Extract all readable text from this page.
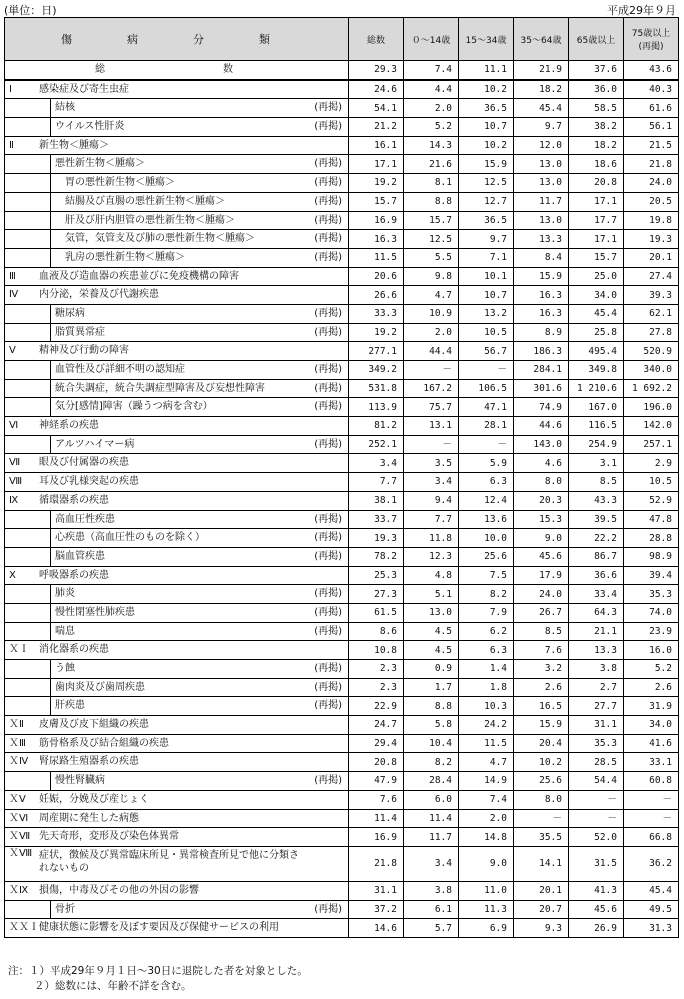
(単位：日)	平成29年９月
傷　病　分　類	総数	０～14歳	15～34歳	35～64歳	65歳以上	75歳以上
(再掲)

総　　　数	29.3	7.4	11.1	21.9	37.6	43.6

Ⅰ 感染症及び寄生虫症	24.6	4.4	10.2	18.2	36.0	40.3

結核 (再掲)	54.1	2.0	36.5	45.4	58.5	61.6

ウイルス性肝炎 (再掲)	21.2	5.2	10.7	9.7	38.2	56.1

Ⅱ 新生物＜腫瘍＞	16.1	14.3	10.2	12.0	18.2	21.5

悪性新生物＜腫瘍＞ (再掲)	17.1	21.6	15.9	13.0	18.6	21.8

　胃の悪性新生物＜腫瘍＞ (再掲)	19.2	8.1	12.5	13.0	20.8	24.0

　結腸及び直腸の悪性新生物＜腫瘍＞ (再掲)	15.7	8.8	12.7	11.7	17.1	20.5

　肝及び肝内胆管の悪性新生物＜腫瘍＞ (再掲)	16.9	15.7	36.5	13.0	17.7	19.8

　気管，気管支及び肺の悪性新生物＜腫瘍＞ (再掲)	16.3	12.5	9.7	13.3	17.1	19.3

　乳房の悪性新生物＜腫瘍＞ (再掲)	11.5	5.5	7.1	8.4	15.7	20.1

Ⅲ 血液及び造血器の疾患並びに免疫機構の障害	20.6	9.8	10.1	15.9	25.0	27.4

Ⅳ 内分泌，栄養及び代謝疾患	26.6	4.7	10.7	16.3	34.0	39.3

糖尿病 (再掲)	33.3	10.9	13.2	16.3	45.4	62.1

脂質異常症 (再掲)	19.2	2.0	10.5	8.9	25.8	27.8

Ⅴ 精神及び行動の障害	277.1	44.4	56.7	186.3	495.4	520.9

血管性及び詳細不明の認知症 (再掲)	349.2	－	－	284.1	349.8	340.0

統合失調症，統合失調症型障害及び妄想性障害 (再掲)	531.8	167.2	106.5	301.6	1 210.6	1 692.2

気分[感情]障害（躁うつ病を含む） (再掲)	113.9	75.7	47.1	74.9	167.0	196.0

Ⅵ 神経系の疾患	81.2	13.1	28.1	44.6	116.5	142.0

アルツハイマー病 (再掲)	252.1	－	－	143.0	254.9	257.1

Ⅶ 眼及び付属器の疾患	3.4	3.5	5.9	4.6	3.1	2.9

Ⅷ 耳及び乳様突起の疾患	7.7	3.4	6.3	8.0	8.5	10.5

Ⅸ 循環器系の疾患	38.1	9.4	12.4	20.3	43.3	52.9

高血圧性疾患 (再掲)	33.7	7.7	13.6	15.3	39.5	47.8

心疾患（高血圧性のものを除く） (再掲)	19.3	11.8	10.0	9.0	22.2	28.8

脳血管疾患 (再掲)	78.2	12.3	25.6	45.6	86.7	98.9

Ⅹ 呼吸器系の疾患	25.3	4.8	7.5	17.9	36.6	39.4

肺炎 (再掲)	27.3	5.1	8.2	24.0	33.4	35.3

慢性閉塞性肺疾患 (再掲)	61.5	13.0	7.9	26.7	64.3	74.0

喘息 (再掲)	8.6	4.5	6.2	8.5	21.1	23.9

ＸＩ 消化器系の疾患	10.8	4.5	6.3	7.6	13.3	16.0

う蝕 (再掲)	2.3	0.9	1.4	3.2	3.8	5.2

歯肉炎及び歯周疾患 (再掲)	2.3	1.7	1.8	2.6	2.7	2.6

肝疾患 (再掲)	22.9	8.8	10.3	16.5	27.7	31.9

ＸⅡ 皮膚及び皮下組織の疾患	24.7	5.8	24.2	15.9	31.1	34.0

ＸⅢ 筋骨格系及び結合組織の疾患	29.4	10.4	11.5	20.4	35.3	41.6

ＸⅣ 腎尿路生殖器系の疾患	20.8	8.2	4.7	10.2	28.5	33.1

慢性腎臓病 (再掲)	47.9	28.4	14.9	25.6	54.4	60.8

ＸⅤ 妊娠，分娩及び産じょく	7.6	6.0	7.4	8.0	－	－

ＸⅥ 周産期に発生した病態	11.4	11.4	2.0	－	－	－

ＸⅦ 先天奇形，変形及び染色体異常	16.9	11.7	14.8	35.5	52.0	66.8

ＸⅧ 症状，徴候及び異常臨床所見・異常検査所見で他に分類されないもの	21.8	3.4	9.0	14.1	31.5	36.2

ＸⅨ 損傷，中毒及びその他の外因の影響	31.1	3.8	11.0	20.1	41.3	45.4

骨折 (再掲)	37.2	6.1	11.3	20.7	45.6	49.5

ＸＸＩ 健康状態に影響を及ぼす要因及び保健サービスの利用	14.6	5.7	6.9	9.3	26.9	31.3
注：１）平成29年９月１日～30日に退院した者を対象とした。
２）総数には、年齢不詳を含む。
